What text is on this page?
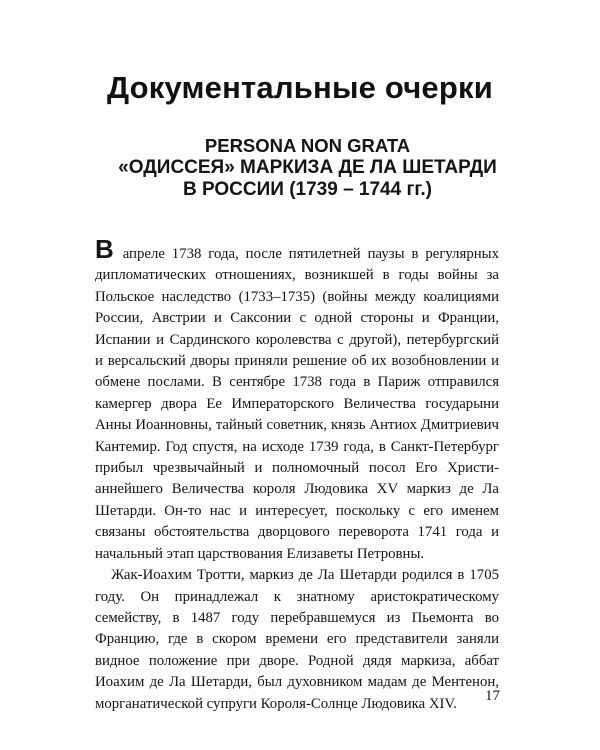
Документальные очерки
PERSONA NON GRATA
«ОДИССЕЯ» МАРКИЗА ДЕ ЛА ШЕТАРДИ
В РОССИИ (1739 – 1744 гг.)

В апреле 1738 года, после пятилетней паузы в регулярных дипломатических отношениях, возникшей в годы войны за Польское наследство (1733–1735) (войны между коалициями России, Австрии и Саксонии с одной стороны и Франции, Испании и Сардинского королевства с другой), петербургский и версальский дворы приняли решение об их возобновлении и обмене послами. В сентябре 1738 года в Париж отправился камергер двора Ее Императорского Величества государыни Анны Иоанновны, тайный советник, князь Антиох Дмитриевич Кантемир. Год спустя, на исходе 1739 года, в Санкт-Петербург прибыл чрезвычайный и полномочный посол Его Христианнейшего Величества короля Людовика XV маркиз де Ла Шетарди. Он-то нас и интересует, поскольку с его именем связаны обстоятельства дворцового переворота 1741 года и начальный этап царствования Елизаветы Петровны.

Жак-Иоахим Тротти, маркиз де Ла Шетарди родился в 1705 году. Он принадлежал к знатному аристократическому семейству, в 1487 году перебравшемуся из Пьемонта во Францию, где в скором времени его представители заняли видное положение при дворе. Родной дядя маркиза, аббат Иоахим де Ла Шетарди, был духовником мадам де Ментенон, морганатической супруги Короля-Солнце Людовика XIV.	17
